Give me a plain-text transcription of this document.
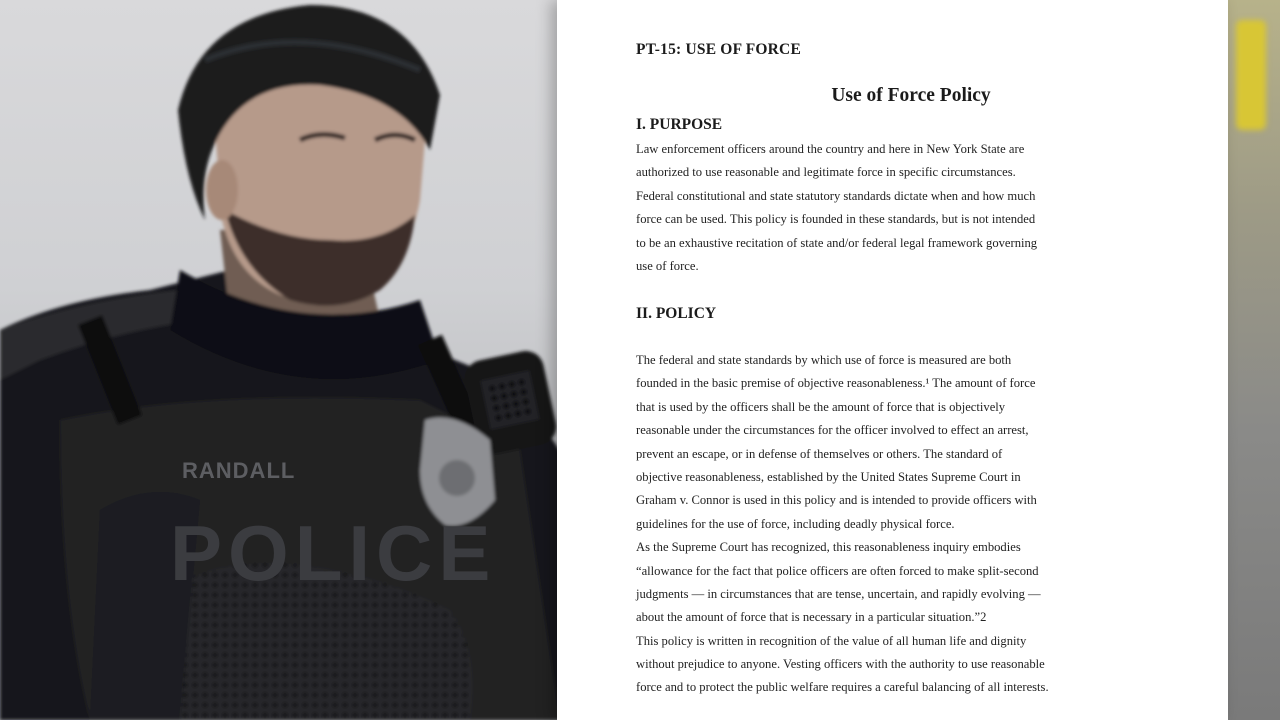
RANDALL
POLICE
PT-15: USE OF FORCE
Use of Force Policy
I. PURPOSE
Law enforcement officers around the country and here in New York State are
authorized to use reasonable and legitimate force in specific circumstances.
Federal constitutional and state statutory standards dictate when and how much
force can be used. This policy is founded in these standards, but is not intended
to be an exhaustive recitation of state and/or federal legal framework governing
use of force.
II. POLICY
The federal and state standards by which use of force is measured are both
founded in the basic premise of objective reasonableness.¹ The amount of force
that is used by the officers shall be the amount of force that is objectively
reasonable under the circumstances for the officer involved to effect an arrest,
prevent an escape, or in defense of themselves or others. The standard of
objective reasonableness, established by the United States Supreme Court in
Graham v. Connor is used in this policy and is intended to provide officers with
guidelines for the use of force, including deadly physical force.
As the Supreme Court has recognized, this reasonableness inquiry embodies
“allowance for the fact that police officers are often forced to make split-second
judgments — in circumstances that are tense, uncertain, and rapidly evolving —
about the amount of force that is necessary in a particular situation.”2
This policy is written in recognition of the value of all human life and dignity
without prejudice to anyone. Vesting officers with the authority to use reasonable
force and to protect the public welfare requires a careful balancing of all interests.
